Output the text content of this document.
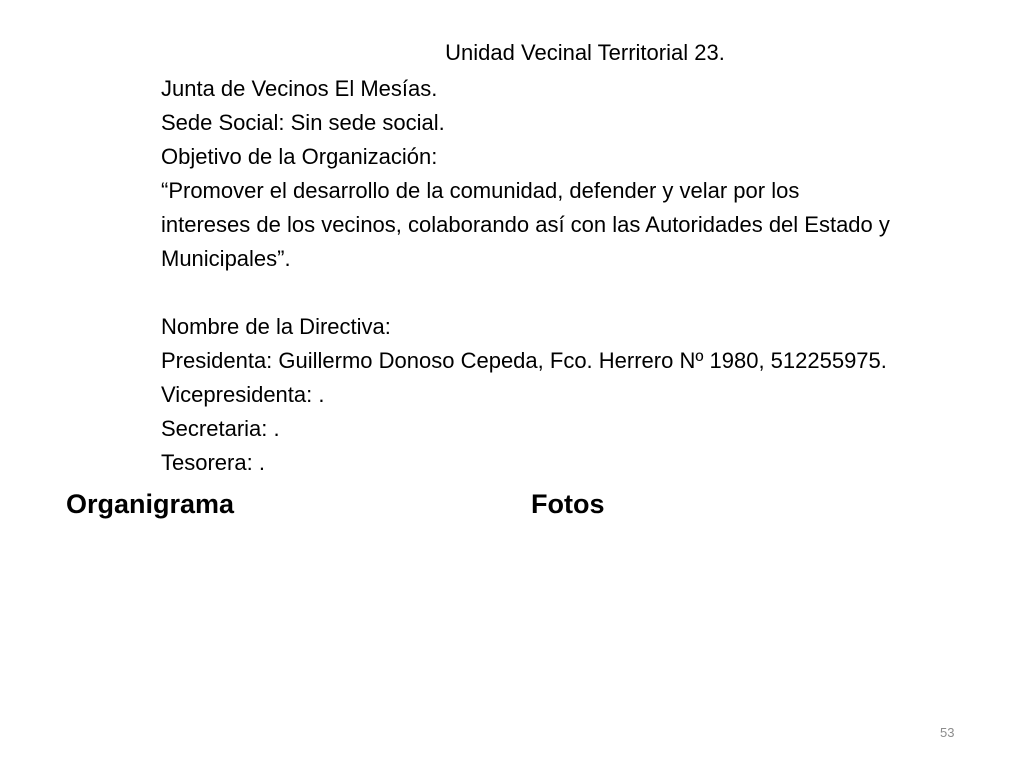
Unidad Vecinal Territorial 23.
Junta de Vecinos El Mesías.
Sede Social: Sin sede social.
Objetivo de la Organización:
“Promover el desarrollo de la comunidad, defender y velar por los
intereses de los vecinos, colaborando así con las Autoridades del Estado y
Municipales”.
Nombre de la Directiva:
Presidenta: Guillermo Donoso Cepeda, Fco. Herrero Nº 1980, 512255975.
Vicepresidenta: .
Secretaria: .
Tesorera: .
Organigrama	Fotos
53
